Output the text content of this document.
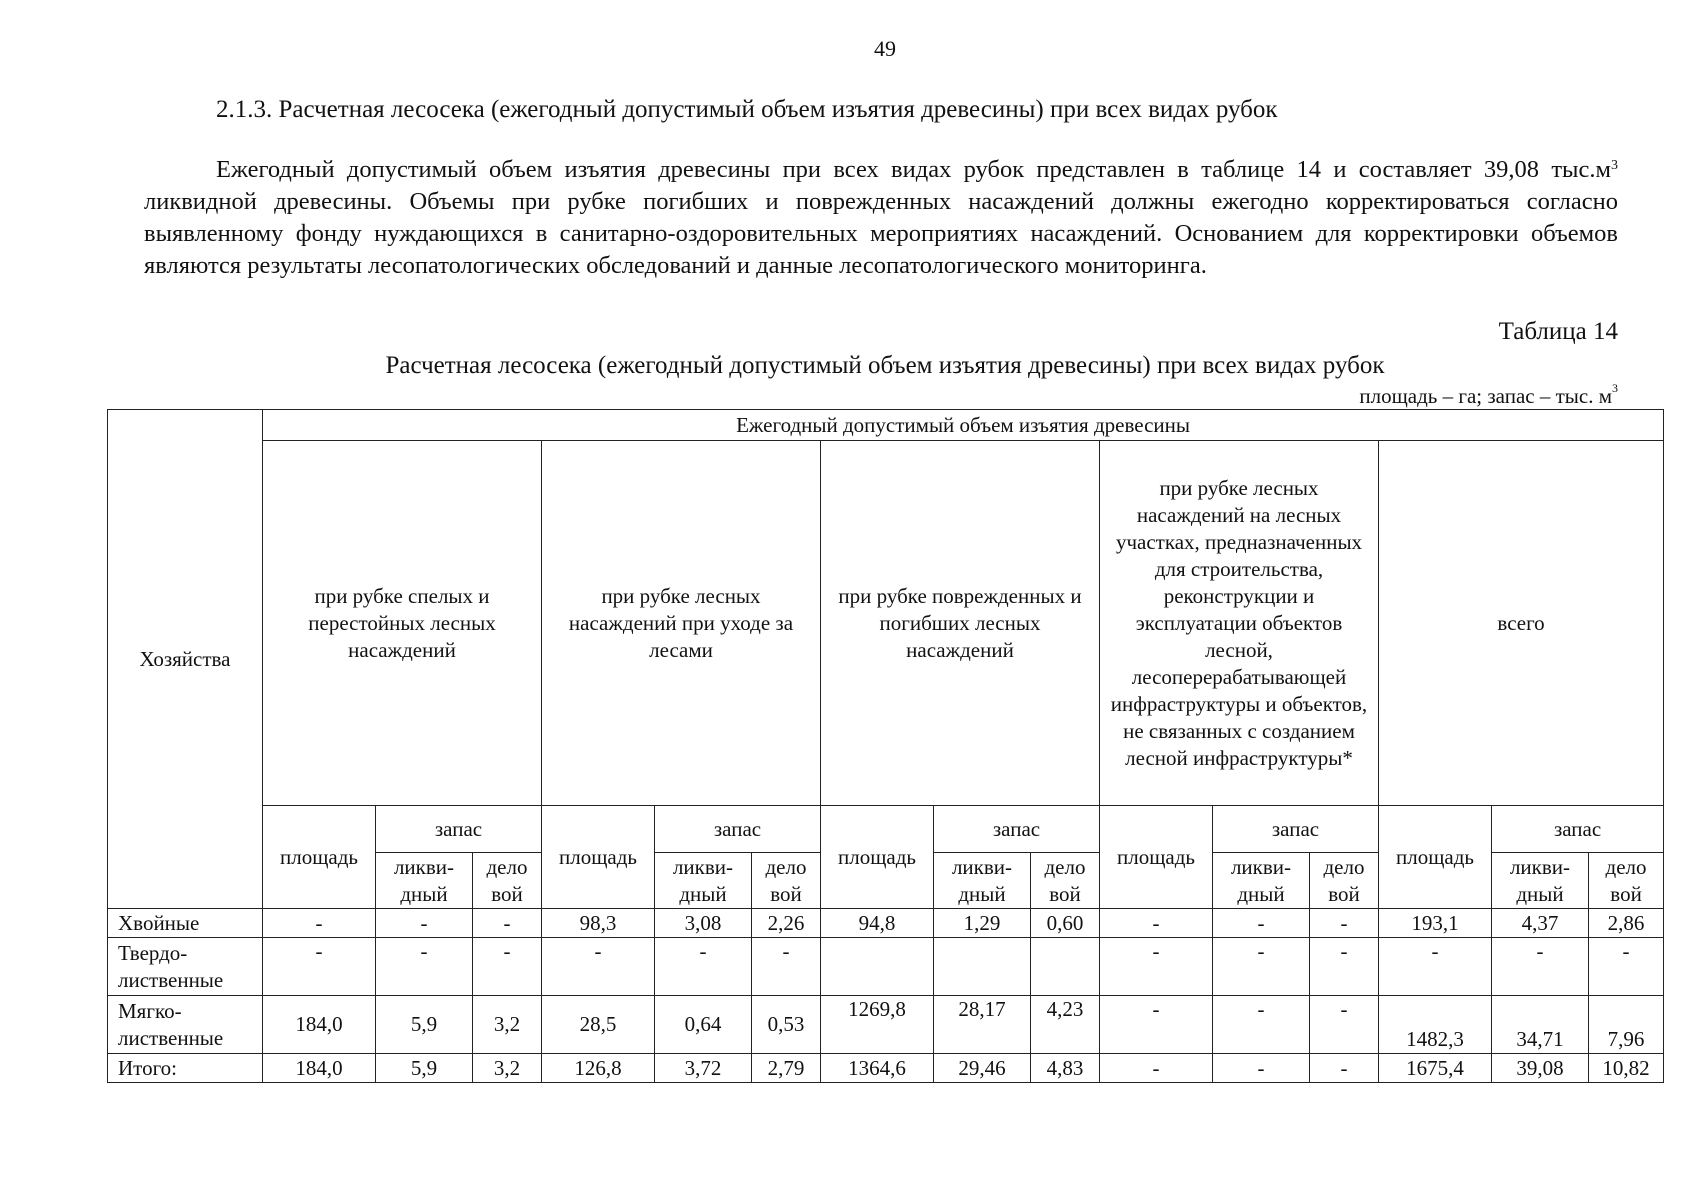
49
2.1.3. Расчетная лесосека (ежегодный допустимый объем изъятия древесины) при всех видах рубок
Ежегодный допустимый объем изъятия древесины при всех видах рубок представлен в таблице 14 и составляет 39,08 $тыс.м^3$ ликвидной древесины. Объемы при рубке погибших и поврежденных насаждений должны ежегодно корректироваться согласно выявленному фонду нуждающихся в санитарно-оздоровительных мероприятиях насаждений. Основанием для корректировки объемов являются результаты лесопатологических обследований и данные лесопатологического мониторинга.
Таблица 14
Расчетная лесосека (ежегодный допустимый объем изъятия древесины) при всех видах рубок
площадь – га; запас – тыс. $м^3$
Хозяйства	Ежегодный допустимый объем изъятия древесины														
	при рубке спелых и перестойных лесных насаждений			при рубке лесных насаждений при уходе за лесами			при рубке поврежденных и погибших лесных насаждений			при рубке лесных насаждений на лесных участках, предназначенных для строительства, реконструкции и эксплуатации объектов лесной, лесоперерабатывающей инфраструктуры и объектов, не связанных с созданием лесной инфраструктуры*			всего		
	площадь	запас		площадь	запас		площадь	запас		площадь	запас		площадь	запас	
		ликви-дный	дело вой		ликви-дный	дело вой		ликви-дный	дело вой		ликви-дный	дело вой		ликви-дный	дело вой
Хвойные	-	-	-	98,3	3,08	2,26	94,8	1,29	0,60	-	-	-	193,1	4,37	2,86
Твердо-лиственные	-	-	-	-	-	-				-	-	-	-	-	-
Мягко-лиственные	184,0	5,9	3,2	28,5	0,64	0,53	1269,8	28,17	4,23	-	-	-	1482,3	34,71	7,96
Итого:	184,0	5,9	3,2	126,8	3,72	2,79	1364,6	29,46	4,83	-	-	-	1675,4	39,08	10,82
